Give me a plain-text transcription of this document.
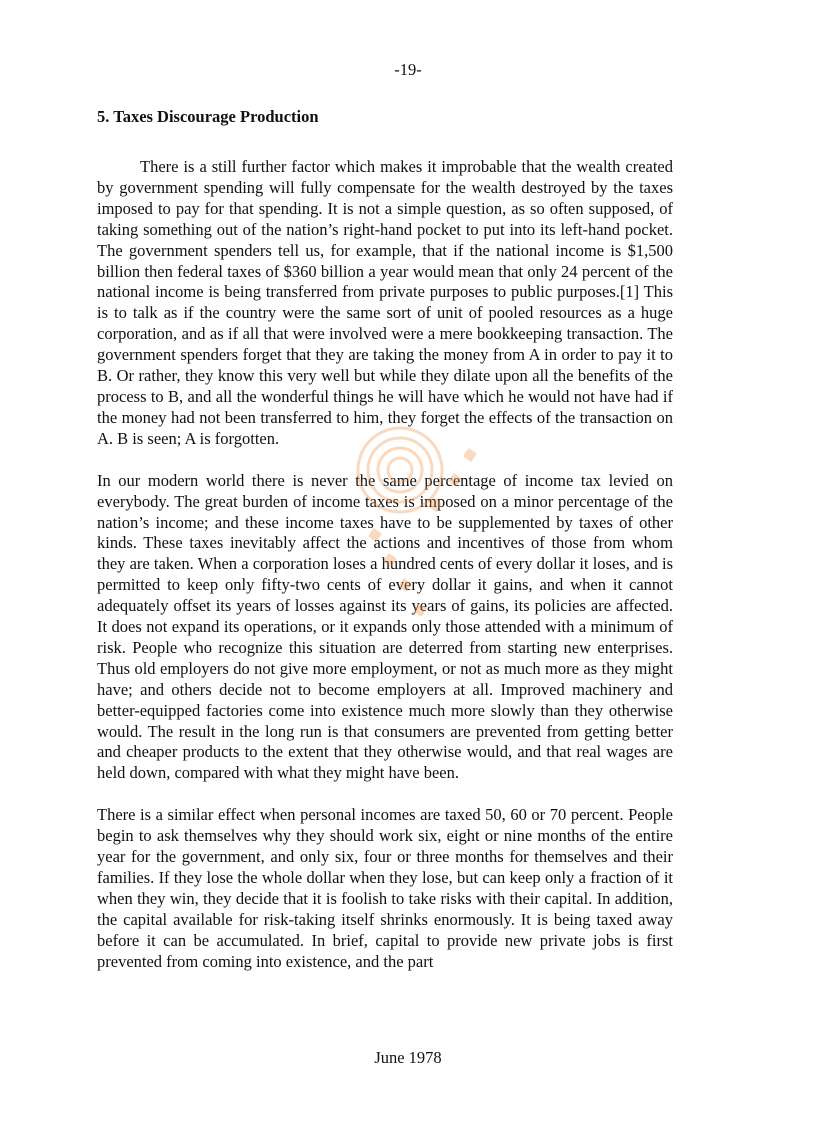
-19-
5. Taxes Discourage Production

There is a still further factor which makes it improbable that the wealth created by government spending will fully compensate for the wealth destroyed by the taxes imposed to pay for that spending. It is not a simple question, as so often supposed, of taking something out of the nation’s right-hand pocket to put into its left-hand pocket. The government spenders tell us, for example, that if the national income is $1,500 billion then federal taxes of $360 billion a year would mean that only 24 percent of the national income is being transferred from private purposes to public purposes.[1] This is to talk as if the country were the same sort of unit of pooled resources as a huge corporation, and as if all that were involved were a mere bookkeeping transaction. The government spenders forget that they are taking the money from A in order to pay it to B. Or rather, they know this very well but while they dilate upon all the benefits of the process to B, and all the wonderful things he will have which he would not have had if the money had not been transferred to him, they forget the effects of the transaction on A. B is seen; A is forgotten.

In our modern world there is never the same percentage of income tax levied on everybody. The great burden of income taxes is imposed on a minor percentage of the nation’s income; and these income taxes have to be supplemented by taxes of other kinds. These taxes inevitably affect the actions and incentives of those from whom they are taken. When a corporation loses a hundred cents of every dollar it loses, and is permitted to keep only fifty-two cents of every dollar it gains, and when it cannot adequately offset its years of losses against its years of gains, its policies are affected. It does not expand its operations, or it expands only those attended with a minimum of risk. People who recognize this situation are deterred from starting new enterprises. Thus old employers do not give more employment, or not as much more as they might have; and others decide not to become employers at all. Improved machinery and better-equipped factories come into existence much more slowly than they otherwise would. The result in the long run is that consumers are prevented from getting better and cheaper products to the extent that they otherwise would, and that real wages are held down, compared with what they might have been.

There is a similar effect when personal incomes are taxed 50, 60 or 70 percent. People begin to ask themselves why they should work six, eight or nine months of the entire year for the government, and only six, four or three months for themselves and their families. If they lose the whole dollar when they lose, but can keep only a fraction of it when they win, they decide that it is foolish to take risks with their capital. In addition, the capital available for risk-taking itself shrinks enormously. It is being taxed away before it can be accumulated. In brief, capital to provide new private jobs is first prevented from coming into existence, and the part

June 1978
